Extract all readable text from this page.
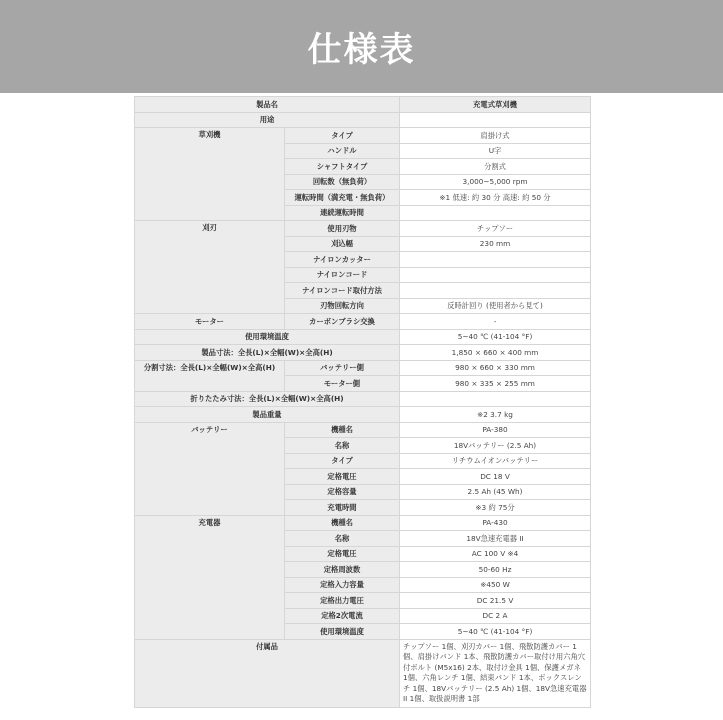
仕様表
製品名		充電式草刈機
用途		
草刈機	タイプ	肩掛け式
	ハンドル	U字
	シャフトタイプ	分割式
	回転数（無負荷）	3,000~5,000 rpm
	運転時間（満充電・無負荷）	※1 低速: 約 30 分 高速: 約 50 分
	連続運転時間	
刈刃	使用刃物	チップソー
	刈込幅	230 mm
	ナイロンカッター	
	ナイロンコード	
	ナイロンコード取付方法	
	刃物回転方向	反時計回り (使用者から見て)
モーター	カーボンブラシ交換	-
使用環境温度		5~40 ℃ (41-104 °F)
製品寸法：全長(L)×全幅(W)×全高(H)		1,850 × 660 × 400 mm
分割寸法：全長(L)×全幅(W)×全高(H)	バッテリー側	980 × 660 × 330 mm
	モーター側	980 × 335 × 255 mm
折りたたみ寸法：全長(L)×全幅(W)×全高(H)		
製品重量		※2 3.7 kg
バッテリー	機種名	PA-380
	名称	18Vバッテリー (2.5 Ah)
	タイプ	リチウムイオンバッテリー
	定格電圧	DC 18 V
	定格容量	2.5 Ah (45 Wh)
	充電時間	※3 約 75分
充電器	機種名	PA-430
	名称	18V急速充電器 II
	定格電圧	AC 100 V ※4
	定格周波数	50-60 Hz
	定格入力容量	※450 W
	定格出力電圧	DC 21.5 V
	定格2次電流	DC 2 A
	使用環境温度	5~40 ℃ (41-104 °F)
付属品		チップソー 1個、刈刃カバー 1個、飛散防護カバー 1個、肩掛けバンド 1本、飛散防護カバー取付け用六角穴付ボルト (M5x16) 2本、取付け金具 1個、保護メガネ 1個、六角レンチ 1個、結束バンド 1本、ボックスレンチ 1個、18Vバッテリー (2.5 Ah) 1個、18V急速充電器 II 1個、取扱説明書 1部
